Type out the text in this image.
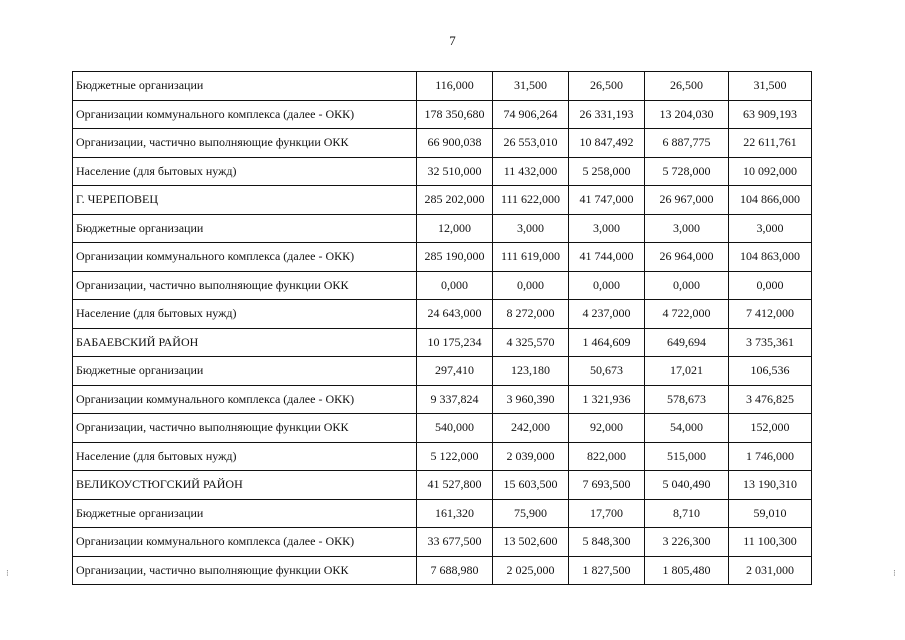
7
Бюджетные организации	116,000	31,500	26,500	26,500	31,500
Организации коммунального комплекса (далее - ОКК)	178 350,680	74 906,264	26 331,193	13 204,030	63 909,193
Организации, частично выполняющие функции ОКК	66 900,038	26 553,010	10 847,492	6 887,775	22 611,761
Население (для бытовых нужд)	32 510,000	11 432,000	5 258,000	5 728,000	10 092,000
Г. ЧЕРЕПОВЕЦ	285 202,000	111 622,000	41 747,000	26 967,000	104 866,000
Бюджетные организации	12,000	3,000	3,000	3,000	3,000
Организации коммунального комплекса (далее - ОКК)	285 190,000	111 619,000	41 744,000	26 964,000	104 863,000
Организации, частично выполняющие функции ОКК	0,000	0,000	0,000	0,000	0,000
Население (для бытовых нужд)	24 643,000	8 272,000	4 237,000	4 722,000	7 412,000
БАБАЕВСКИЙ РАЙОН	10 175,234	4 325,570	1 464,609	649,694	3 735,361
Бюджетные организации	297,410	123,180	50,673	17,021	106,536
Организации коммунального комплекса (далее - ОКК)	9 337,824	3 960,390	1 321,936	578,673	3 476,825
Организации, частично выполняющие функции ОКК	540,000	242,000	92,000	54,000	152,000
Население (для бытовых нужд)	5 122,000	2 039,000	822,000	515,000	1 746,000
ВЕЛИКОУСТЮГСКИЙ РАЙОН	41 527,800	15 603,500	7 693,500	5 040,490	13 190,310
Бюджетные организации	161,320	75,900	17,700	8,710	59,010
Организации коммунального комплекса (далее - ОКК)	33 677,500	13 502,600	5 848,300	3 226,300	11 100,300
Организации, частично выполняющие функции ОКК	7 688,980	2 025,000	1 827,500	1 805,480	2 031,000
⁝	⁝
